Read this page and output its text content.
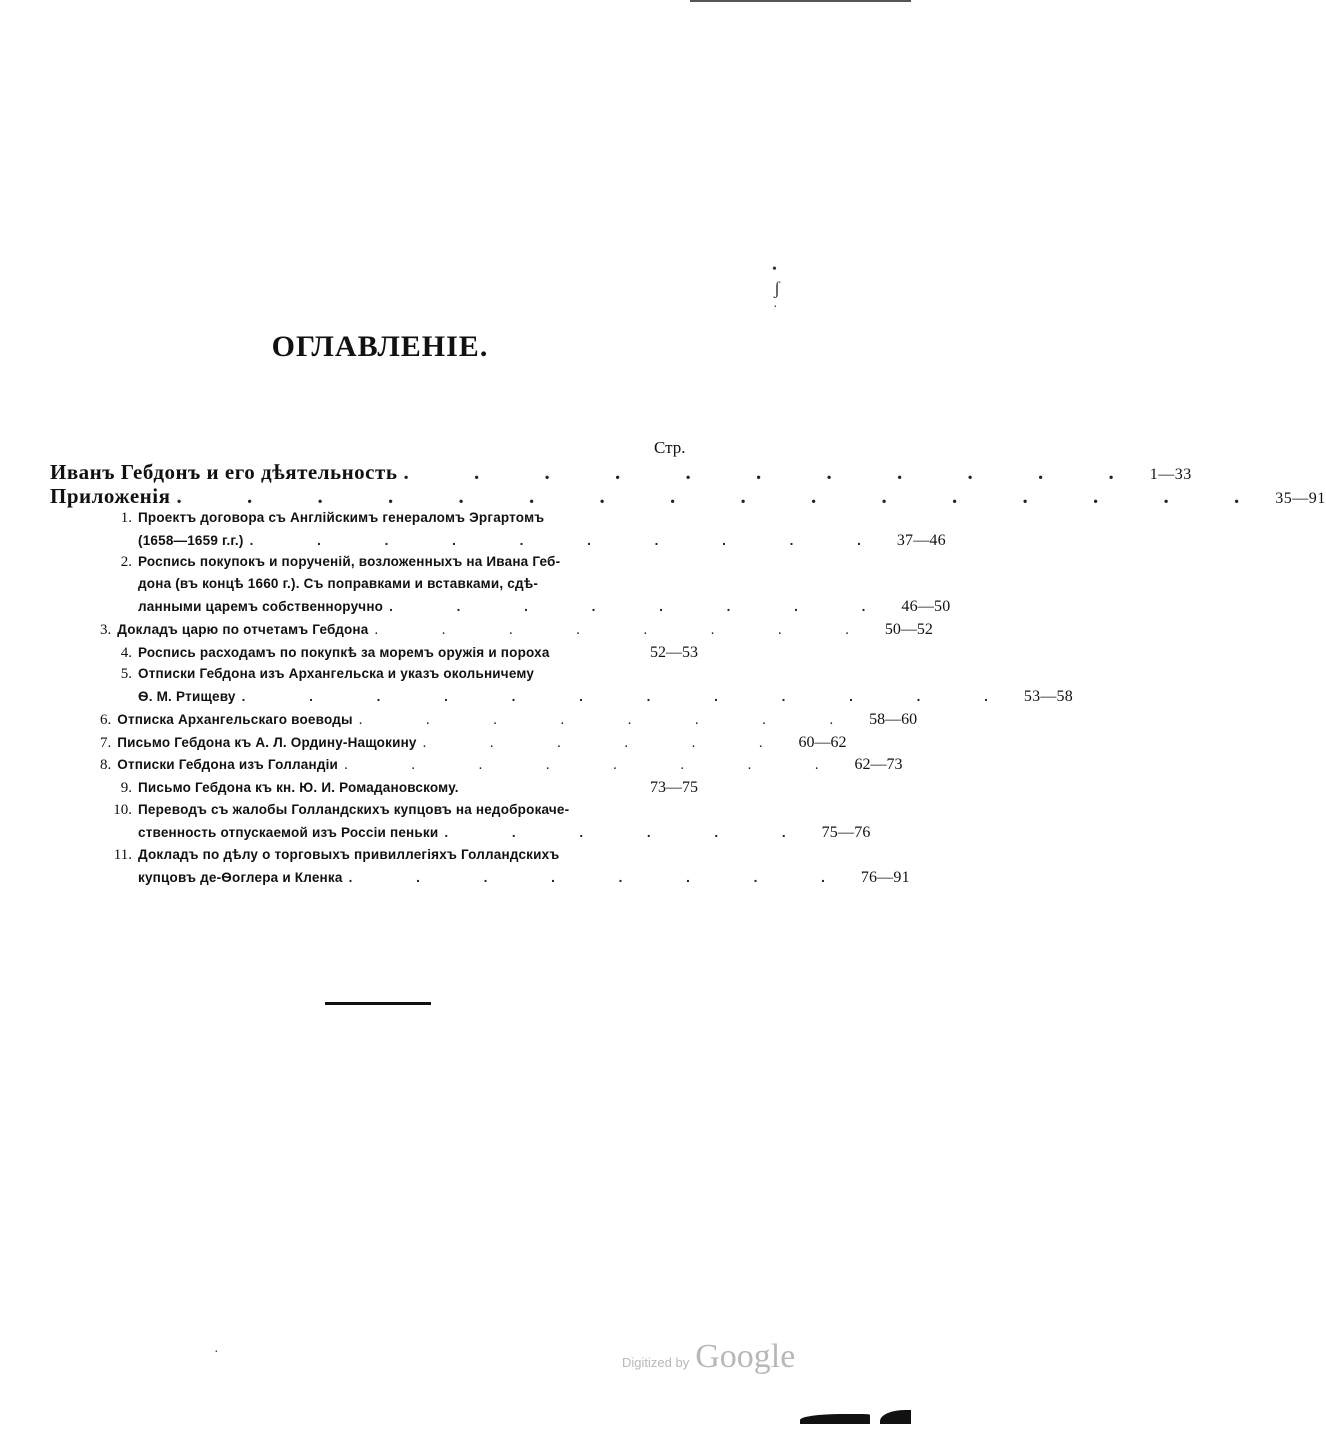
ОГЛАВЛЕНІЕ.
Стр.
Иванъ Гебдонъ и его дѣятельность . . . . . . . . . . . 1—33
Приложенія . . . . . . . . . . . . . . . . 35—91
1. Проектъ договора съ Англійскимъ генераломъ Эргартомъ
(1658—1659 г.г.) . . . . . . . . . . 37—46
2. Роспись покупокъ и порученій, возложенныхъ на Ивана Геб-
дона (въ концѣ 1660 г.). Съ поправками и вставками, сдѣ-
ланными царемъ собственноручно . . . . . . . . 46—50
3. Докладъ царю по отчетамъ Гебдона . . . . . . . . 50—52
4. Роспись расходамъ по покупкѣ за моремъ оружія и пороха	52—53
5. Отписки Гебдона изъ Архангельска и указъ окольничему
Ѳ. М. Ртищеву . . . . . . . . . . . . 53—58
6. Отписка Архангельскаго воеводы . . . . . . . . 58—60
7. Письмо Гебдона къ А. Л. Ордину-Нащокину . . . . . . 60—62
8. Отписки Гебдона изъ Голландіи . . . . . . . . 62—73
9. Письмо Гебдона къ кн. Ю. И. Ромадановскому.	73—75
10. Переводъ съ жалобы Голландскихъ купцовъ на недоброкаче-
ственность отпускаемой изъ Россіи пеньки . . . . . . 75—76
11. Докладъ по дѣлу о торговыхъ привиллегіяхъ Голландскихъ
купцовъ де-Ѳоглера и Кленка . . . . . . . . 76—91
•
ʃ
·
·
Digitized by Google
